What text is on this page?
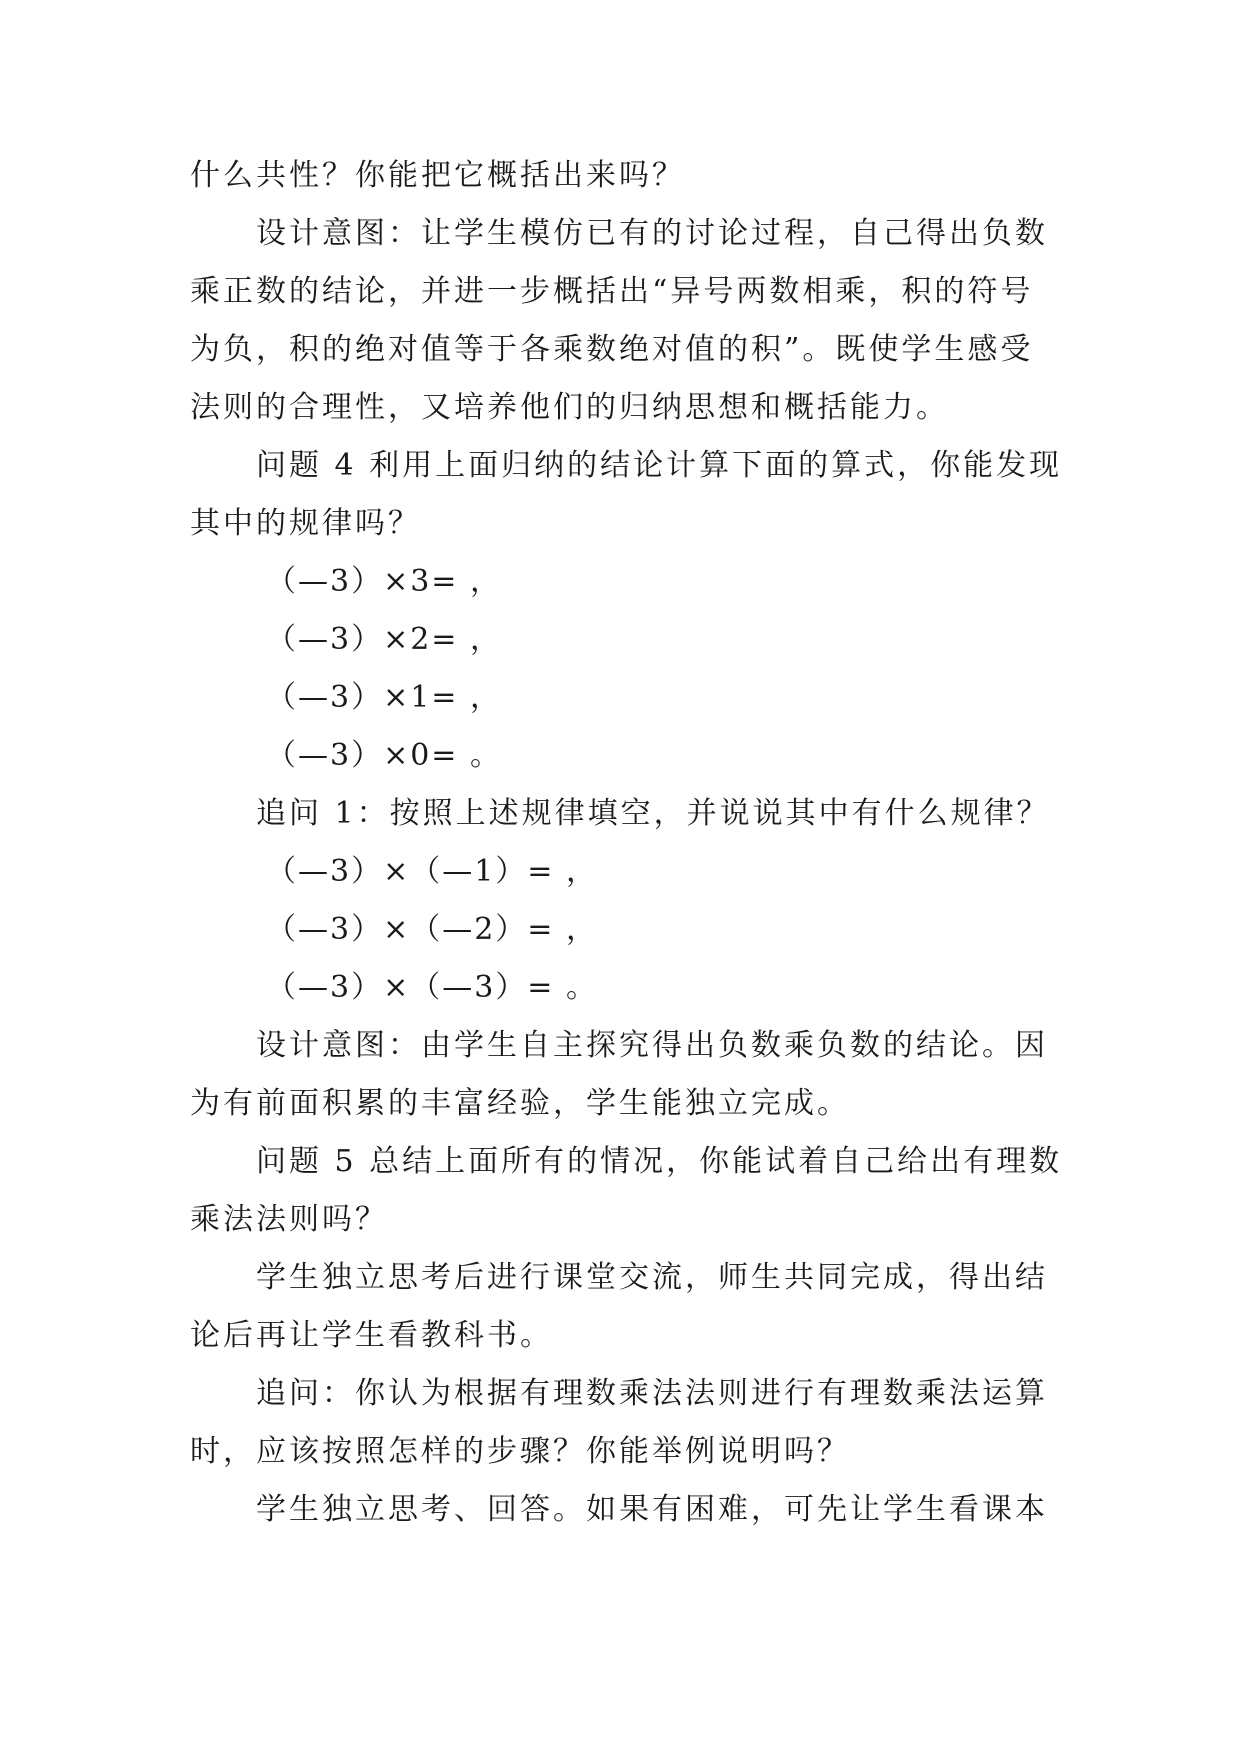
什么共性？你能把它概括出来吗？
设计意图：让学生模仿已有的讨论过程，自己得出负数
乘正数的结论，并进一步概括出“异号两数相乘，积的符号
为负，积的绝对值等于各乘数绝对值的积”。既使学生感受
法则的合理性，又培养他们的归纳思想和概括能力。
问题 4 利用上面归纳的结论计算下面的算式，你能发现
其中的规律吗？
（—3）×3= ，
（—3）×2= ，
（—3）×1= ，
（—3）×0= 。
追问 1：按照上述规律填空，并说说其中有什么规律？
（—3）×（—1）= ，
（—3）×（—2）= ，
（—3）×（—3）= 。
设计意图：由学生自主探究得出负数乘负数的结论。因
为有前面积累的丰富经验，学生能独立完成。
问题 5 总结上面所有的情况，你能试着自己给出有理数
乘法法则吗？
学生独立思考后进行课堂交流，师生共同完成，得出结
论后再让学生看教科书。
追问：你认为根据有理数乘法法则进行有理数乘法运算
时，应该按照怎样的步骤？你能举例说明吗？
学生独立思考、回答。如果有困难，可先让学生看课本
